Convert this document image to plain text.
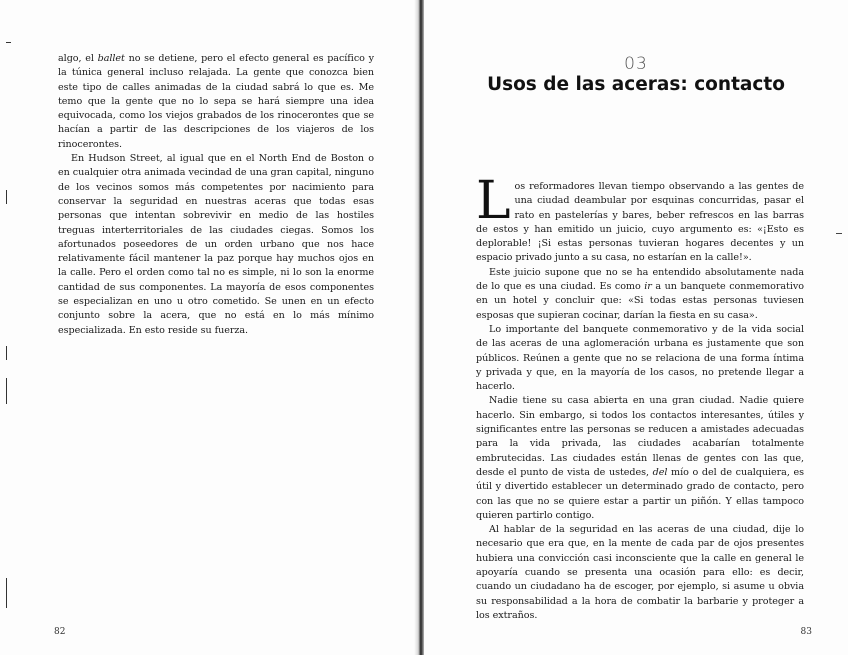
algo, el ballet no se detiene, pero el efecto general es pacífico y la túnica general incluso relajada. La gente que conozca bien este tipo de calles animadas de la ciudad sabrá lo que es. Me temo que la gente que no lo sepa se hará siempre una idea equivocada, como los viejos grabados de los rinocerontes que se hacían a partir de las descripciones de los viajeros de los rinocerontes.

En Hudson Street, al igual que en el North End de Boston o en cualquier otra animada vecindad de una gran capital, ninguno de los vecinos somos más competentes por nacimiento para conservar la seguridad en nuestras aceras que todas esas personas que intentan sobrevivir en medio de las hostiles treguas interterritoriales de las ciudades ciegas. Somos los afortunados poseedores de un orden urbano que nos hace relativamente fácil mantener la paz porque hay muchos ojos en la calle. Pero el orden como tal no es simple, ni lo son la enorme cantidad de sus componentes. La mayoría de esos componentes se especializan en uno u otro cometido. Se unen en un efecto conjunto sobre la acera, que no está en lo más mínimo especializada. En esto reside su fuerza.

82
03
Usos de las aceras: contacto

Los reformadores llevan tiempo observando a las gentes de una ciudad deambular por esquinas concurridas, pasar el rato en pastelerías y bares, beber refrescos en las barras de estos y han emitido un juicio, cuyo argumento es: «¡Esto es deplorable! ¡Si estas personas tuvieran hogares decentes y un espacio privado junto a su casa, no estarían en la calle!».

Este juicio supone que no se ha entendido absolutamente nada de lo que es una ciudad. Es como ir a un banquete conmemorativo en un hotel y concluir que: «Si todas estas personas tuviesen esposas que supieran cocinar, darían la fiesta en su casa».

Lo importante del banquete conmemorativo y de la vida social de las aceras de una aglomeración urbana es justamente que son públicos. Reúnen a gente que no se relaciona de una forma íntima y privada y que, en la mayoría de los casos, no pretende llegar a hacerlo.

Nadie tiene su casa abierta en una gran ciudad. Nadie quiere hacerlo. Sin embargo, si todos los contactos interesantes, útiles y significantes entre las personas se reducen a amistades adecuadas para la vida privada, las ciudades acabarían totalmente embrutecidas. Las ciudades están llenas de gentes con las que, desde el punto de vista de ustedes, del mío o del de cualquiera, es útil y divertido establecer un determinado grado de contacto, pero con las que no se quiere estar a partir un piñón. Y ellas tampoco quieren partirlo contigo.

Al hablar de la seguridad en las aceras de una ciudad, dije lo necesario que era que, en la mente de cada par de ojos presentes hubiera una convicción casi inconsciente que la calle en general le apoyaría cuando se presenta una ocasión para ello: es decir, cuando un ciudadano ha de escoger, por ejemplo, si asume u obvia su responsabilidad a la hora de combatir la barbarie y proteger a los extraños.

83
